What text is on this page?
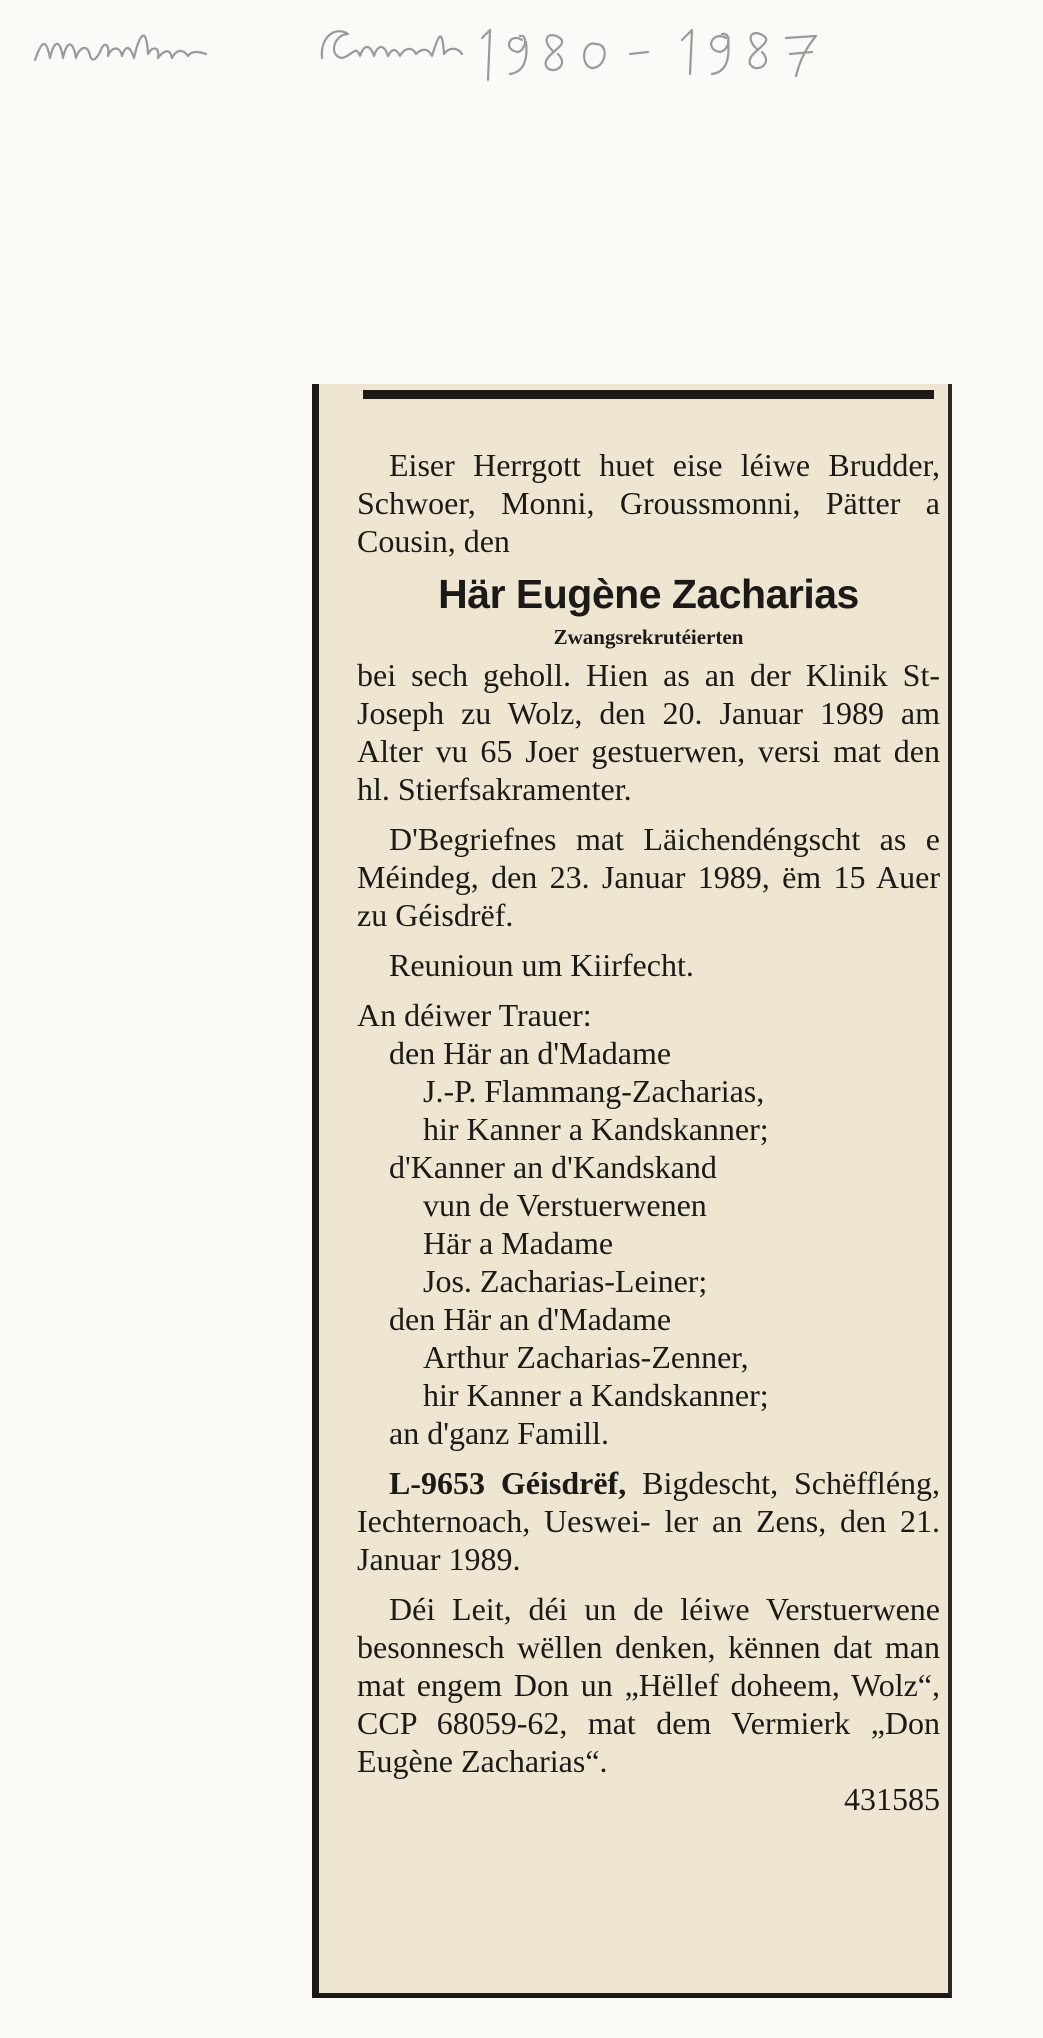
Eiser Herrgott huet eise léiwe Brudder, Schwoer, Monni, Groussmonni, Pätter a Cousin, den

Här Eugène Zacharias
Zwangsrekrutéierten

bei sech geholl. Hien as an der Klinik St-Joseph zu Wolz, den 20. Januar 1989 am Alter vu 65 Joer gestuerwen, versi mat den hl. Stierfsakramenter.

D'Begriefnes mat Läichendéngscht as e Méindeg, den 23. Januar 1989, ëm 15 Auer zu Géisdrëf.

Reunioun um Kiirfecht.

An déiwer Trauer:

den Här an d'Madame

J.-P. Flammang-Zacharias,

hir Kanner a Kandskanner;

d'Kanner an d'Kandskand

vun de Verstuerwenen

Här a Madame

Jos. Zacharias-Leiner;

den Här an d'Madame

Arthur Zacharias-Zenner,

hir Kanner a Kandskanner;

an d'ganz Famill.

L-9653 Géisdrëf, Bigdescht, Schëffléng, Iechternoach, Ueswei- ler an Zens, den 21. Januar 1989.

Déi Leit, déi un de léiwe Verstuerwene besonnesch wëllen denken, kënnen dat man mat engem Don un „Hëllef doheem, Wolz“, CCP 68059-62, mat dem Vermierk „Don Eugène Zacharias“.

431585
